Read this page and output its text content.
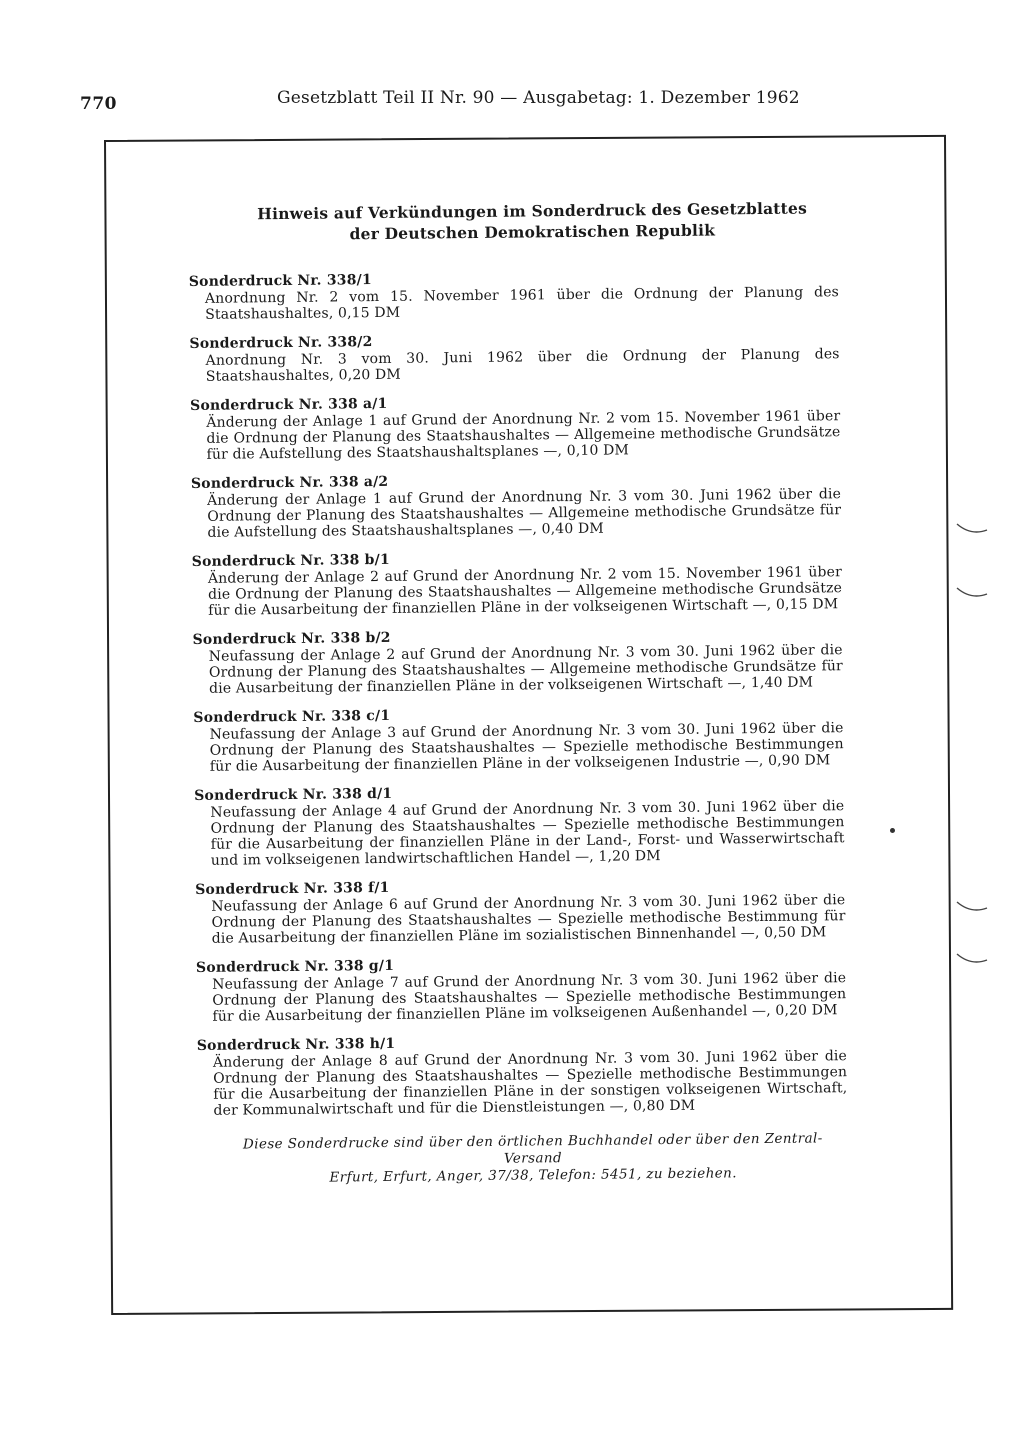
770	Gesetzblatt Teil II Nr. 90 — Ausgabetag: 1. Dezember 1962
Hinweis auf Verkündungen im Sonderdruck des Gesetzblattes
der Deutschen Demokratischen Republik
Sonderdruck Nr. 338/1
Anordnung Nr. 2 vom 15. November 1961 über die Ordnung der Planung des Staatshaushaltes, 0,15 DM
Sonderdruck Nr. 338/2
Anordnung Nr. 3 vom 30. Juni 1962 über die Ordnung der Planung des Staatshaushaltes, 0,20 DM
Sonderdruck Nr. 338 a/1
Änderung der Anlage 1 auf Grund der Anordnung Nr. 2 vom 15. November 1961 über die Ordnung der Planung des Staatshaushaltes — Allgemeine methodische Grundsätze für die Aufstellung des Staatshaushaltsplanes —, 0,10 DM
Sonderdruck Nr. 338 a/2
Änderung der Anlage 1 auf Grund der Anordnung Nr. 3 vom 30. Juni 1962 über die Ordnung der Planung des Staatshaushaltes — Allgemeine methodische Grundsätze für die Aufstellung des Staatshaushaltsplanes —, 0,40 DM
Sonderdruck Nr. 338 b/1
Änderung der Anlage 2 auf Grund der Anordnung Nr. 2 vom 15. November 1961 über die Ordnung der Planung des Staatshaushaltes — Allgemeine methodische Grundsätze für die Ausarbeitung der finanziellen Pläne in der volkseigenen Wirtschaft —, 0,15 DM
Sonderdruck Nr. 338 b/2
Neufassung der Anlage 2 auf Grund der Anordnung Nr. 3 vom 30. Juni 1962 über die Ordnung der Planung des Staatshaushaltes — Allgemeine methodische Grundsätze für die Ausarbeitung der finanziellen Pläne in der volkseigenen Wirtschaft —, 1,40 DM
Sonderdruck Nr. 338 c/1
Neufassung der Anlage 3 auf Grund der Anordnung Nr. 3 vom 30. Juni 1962 über die Ordnung der Planung des Staatshaushaltes — Spezielle methodische Bestimmungen für die Ausarbeitung der finanziellen Pläne in der volkseigenen Industrie —, 0,90 DM
Sonderdruck Nr. 338 d/1
Neufassung der Anlage 4 auf Grund der Anordnung Nr. 3 vom 30. Juni 1962 über die Ordnung der Planung des Staatshaushaltes — Spezielle methodische Bestimmungen für die Ausarbeitung der finanziellen Pläne in der Land-, Forst- und Wasserwirtschaft und im volkseigenen landwirtschaftlichen Handel —, 1,20 DM
Sonderdruck Nr. 338 f/1
Neufassung der Anlage 6 auf Grund der Anordnung Nr. 3 vom 30. Juni 1962 über die Ordnung der Planung des Staatshaushaltes — Spezielle methodische Bestimmung für die Ausarbeitung der finanziellen Pläne im sozialistischen Binnenhandel —, 0,50 DM
Sonderdruck Nr. 338 g/1
Neufassung der Anlage 7 auf Grund der Anordnung Nr. 3 vom 30. Juni 1962 über die Ordnung der Planung des Staatshaushaltes — Spezielle methodische Bestimmungen für die Ausarbeitung der finanziellen Pläne im volkseigenen Außenhandel —, 0,20 DM
Sonderdruck Nr. 338 h/1
Änderung der Anlage 8 auf Grund der Anordnung Nr. 3 vom 30. Juni 1962 über die Ordnung der Planung des Staatshaushaltes — Spezielle methodische Bestimmungen für die Ausarbeitung der finanziellen Pläne in der sonstigen volkseigenen Wirtschaft, der Kommunalwirtschaft und für die Dienstleistungen —, 0,80 DM
Diese Sonderdrucke sind über den örtlichen Buchhandel oder über den Zentral-Versand
Erfurt, Erfurt, Anger, 37/38, Telefon: 5451, zu beziehen.
